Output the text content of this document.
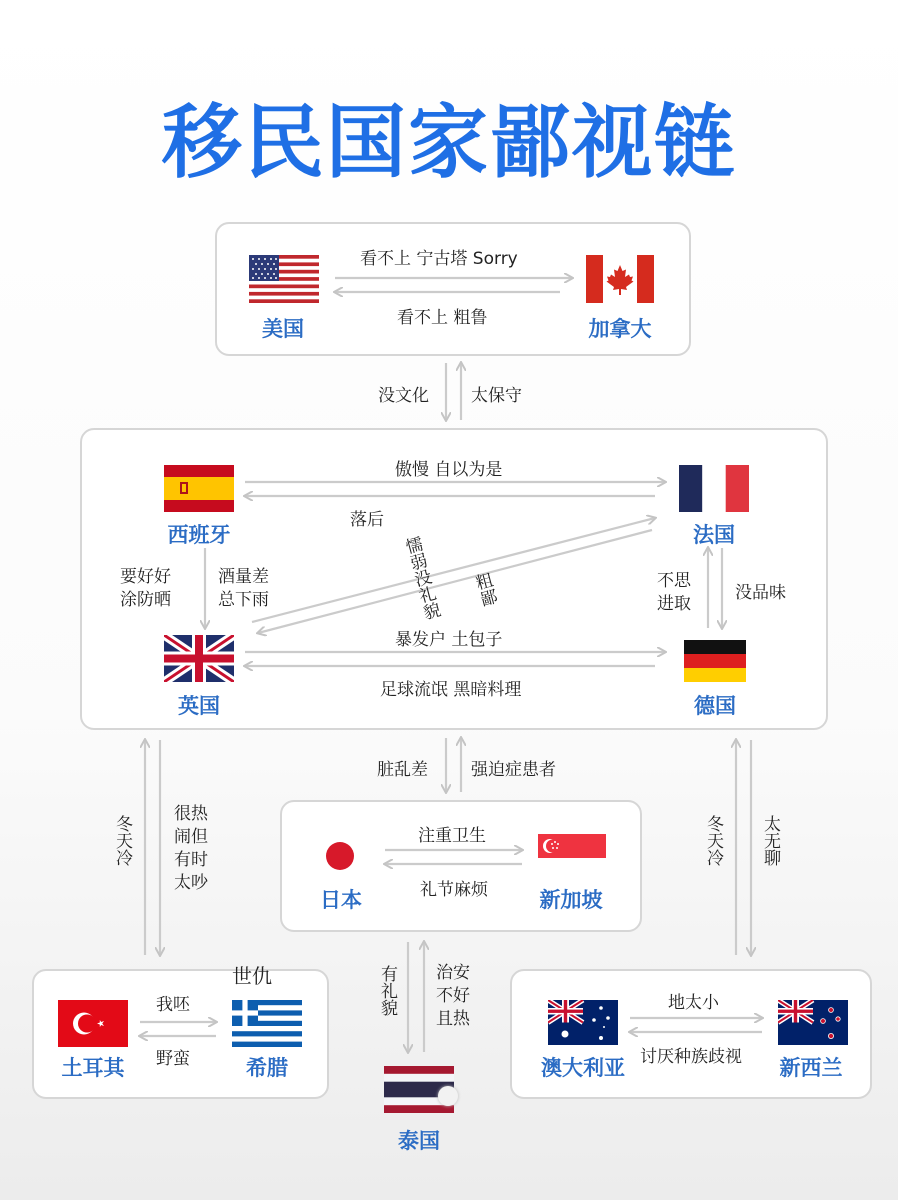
移民国家鄙视链
美国	加拿大
看不上 宁古塔 Sorry
看不上 粗鲁
没文化 太保守
西班牙	法国
傲慢 自以为是
落后
懦弱没礼貌 粗鄙
要好好
涂防晒
酒量差
总下雨
不思
进取
没品味
英国	德国
暴发户 土包子
足球流氓 黑暗料理
脏乱差	强迫症患者
日本	新加坡
注重卫生
礼节麻烦
冬天冷
很热
闹但
有时
太吵
冬天冷 太无聊
世仇
土耳其	希腊
我呸
野蛮
有礼貌 治安
不好
且热
泰国
澳大利亚	新西兰
地太小
讨厌种族歧视
